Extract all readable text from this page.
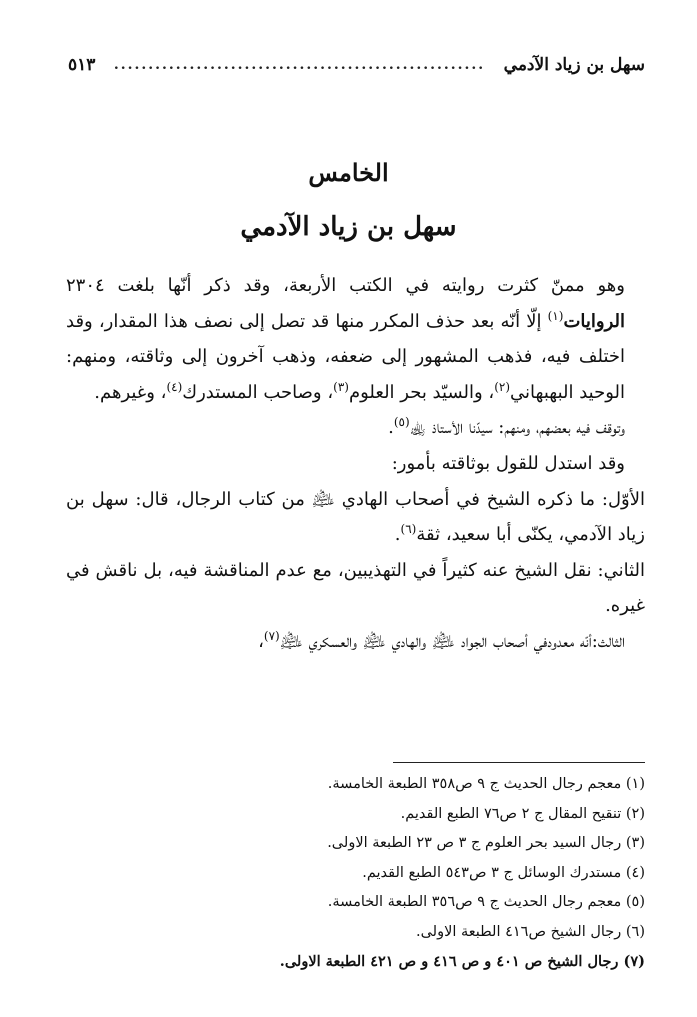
سهل بن زياد الآدمي
......................................................
٥١٣
الخامس
سهل بن زياد الآدمي

وهو ممنّ كثرت روايته في الكتب الأربعة، وقد ذكر أنّها بلغت ٢٣٠٤ الروايات$^{(١)}$ إلّا أنّه بعد حذف المكرر منها قد تصل إلى نصف هذا المقدار، وقد اختلف فيه، فذهب المشهور إلى ضعفه، وذهب آخرون إلى وثاقته، ومنهم: الوحيد البهبهاني$^{(٢)}$، والسيّد بحر العلوم$^{(٣)}$، وصاحب المستدرك$^{(٤)}$، وغيرهم.

وتوقف فيه بعضهم، ومنهم: سيدّنا الأستاذ ﵀$^{(٥)}$.

وقد استدل للقول بوثاقته بأمور:

الأوّل: ما ذكره الشيخ في أصحاب الهادي ﵇ من كتاب الرجال، قال: سهل بن زياد الآدمي، يكنّى أبا سعيد، ثقة$^{(٦)}$.

الثاني: نقل الشيخ عنه كثيراً في التهذيبين، مع عدم المناقشة فيه، بل ناقش في غيره.

الثالث:أنّه معدودفي أصحاب الجواد ﵇ والهادي ﵇ والعسكري ﵇$^{(٧)}$،

(١) معجم رجال الحديث ج ٩ ص٣٥٨ الطبعة الخامسة.

(٢) تنقيح المقال ج ٢ ص٧٦ الطبع القديم.

(٣) رجال السيد بحر العلوم ج ٣ ص ٢٣ الطبعة الاولى.

(٤) مستدرك الوسائل ج ٣ ص٥٤٣ الطبع القديم.

(٥) معجم رجال الحديث ج ٩ ص٣٥٦ الطبعة الخامسة.

(٦) رجال الشيخ ص٤١٦ الطبعة الاولى.

(٧) رجال الشيخ ص ٤٠١ و ص ٤١٦ و ص ٤٢١ الطبعة الاولى.
